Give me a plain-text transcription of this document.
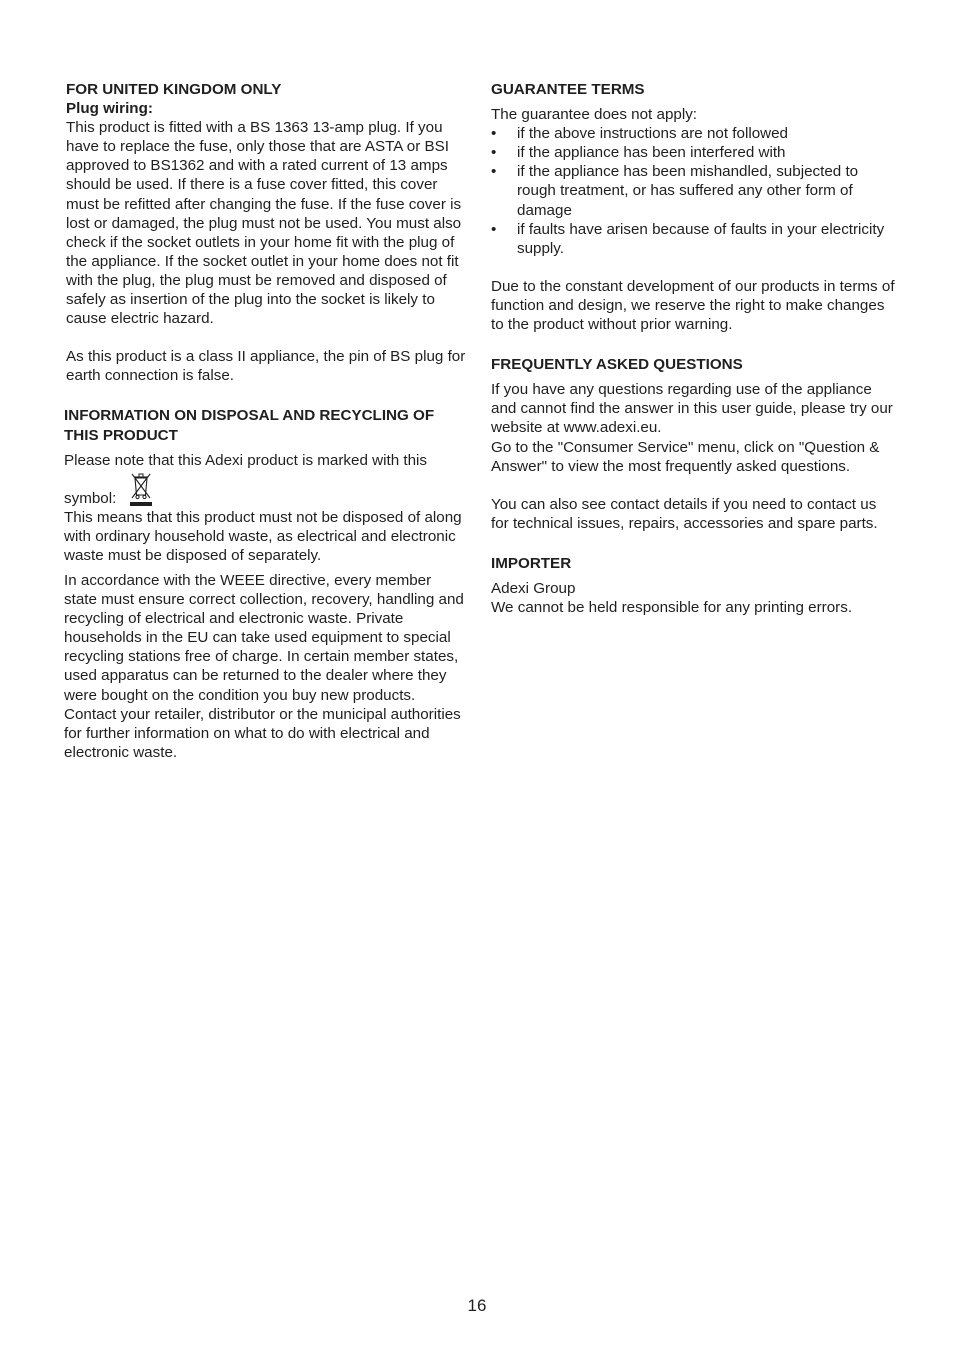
FOR UNITED KINGDOM ONLY
Plug wiring:

This product is fitted with a BS 1363 13-amp plug. If you have to replace the fuse, only those that are ASTA or BSI approved to BS1362 and with a rated current of 13 amps should be used. If there is a fuse cover fitted, this cover must be refitted after changing the fuse. If the fuse cover is lost or damaged, the plug must not be used. You must also check if the socket outlets in your home fit with the plug of the appliance. If the socket outlet in your home does not fit with the plug, the plug must be removed and disposed of safely as insertion of the plug into the socket is likely to cause electric hazard.

As this product is a class II appliance, the pin of BS plug for earth connection is false.

INFORMATION ON DISPOSAL AND RECYCLING OF THIS PRODUCT

Please note that this Adexi product is marked with this

symbol:

This means that this product must not be disposed of along with ordinary household waste, as electrical and electronic waste must be disposed of separately.

In accordance with the WEEE directive, every member state must ensure correct collection, recovery, handling and recycling of electrical and electronic waste. Private households in the EU can take used equipment to special recycling stations free of charge. In certain member states, used apparatus can be returned to the dealer where they were bought on the condition you buy new products. Contact your retailer, distributor or the municipal authorities for further information on what to do with electrical and electronic waste.

GUARANTEE TERMS

The guarantee does not apply:

•	if the above instructions are not followed
•	if the appliance has been interfered with
•	if the appliance has been mishandled, subjected to rough treatment, or has suffered any other form of damage
•	if faults have arisen because of faults in your electricity supply.

Due to the constant development of our products in terms of function and design, we reserve the right to make changes to the product without prior warning.

FREQUENTLY ASKED QUESTIONS

If you have any questions regarding use of the appliance and cannot find the answer in this user guide, please try our website at www.adexi.eu.

Go to the "Consumer Service" menu, click on "Question & Answer" to view the most frequently asked questions.

You can also see contact details if you need to contact us for technical issues, repairs, accessories and spare parts.

IMPORTER

Adexi Group

We cannot be held responsible for any printing errors.

16
